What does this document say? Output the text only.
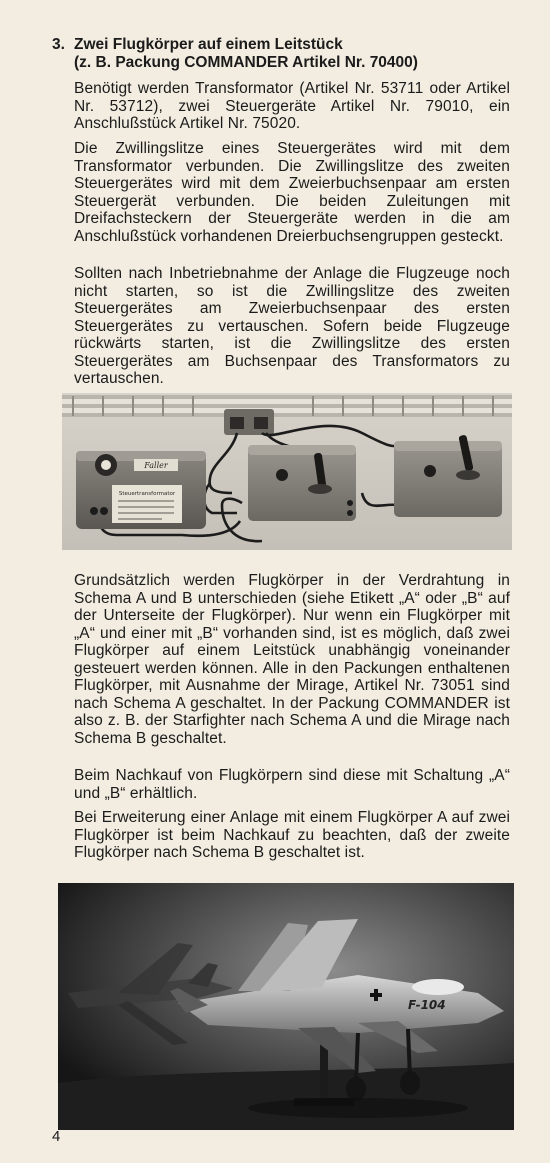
3. Zwei Flugkörper auf einem Leitstück
(z. B. Packung COMMANDER Artikel Nr. 70400)
Benötigt werden Transformator (Artikel Nr. 53711 oder Artikel Nr. 53712), zwei Steuergeräte Artikel Nr. 79010, ein Anschlußstück Artikel Nr. 75020.
Die Zwillingslitze eines Steuergerätes wird mit dem Transformator verbunden. Die Zwillingslitze des zweiten Steuergerätes wird mit dem Zweierbuchsenpaar am ersten Steuergerät verbunden. Die beiden Zuleitungen mit Dreifachsteckern der Steuergeräte werden in die am Anschlußstück vorhandenen Dreierbuchsengruppen gesteckt.
Sollten nach Inbetriebnahme der Anlage die Flugzeuge noch nicht starten, so ist die Zwillingslitze des zweiten Steuergerätes am Zweierbuchsenpaar des ersten Steuergerätes zu vertauschen. Sofern beide Flugzeuge rückwärts starten, ist die Zwillingslitze des ersten Steuergerätes am Buchsenpaar des Transformators zu vertauschen.
Faller
Steuertransformator
Grundsätzlich werden Flugkörper in der Verdrahtung in Schema A und B unterschieden (siehe Etikett „A“ oder „B“ auf der Unterseite der Flugkörper). Nur wenn ein Flugkörper mit „A“ und einer mit „B“ vorhanden sind, ist es möglich, daß zwei Flugkörper auf einem Leitstück unabhängig voneinander gesteuert werden können. Alle in den Packungen enthaltenen Flugkörper, mit Ausnahme der Mirage, Artikel Nr. 73051 sind nach Schema A geschaltet. In der Packung COMMANDER ist also z. B. der Starfighter nach Schema A und die Mirage nach Schema B geschaltet.
Beim Nachkauf von Flugkörpern sind diese mit Schaltung „A“ und „B“ erhältlich.
Bei Erweiterung einer Anlage mit einem Flugkörper A auf zwei Flugkörper ist beim Nachkauf zu beachten, daß der zweite Flugkörper nach Schema B geschaltet ist.
F-104
4
